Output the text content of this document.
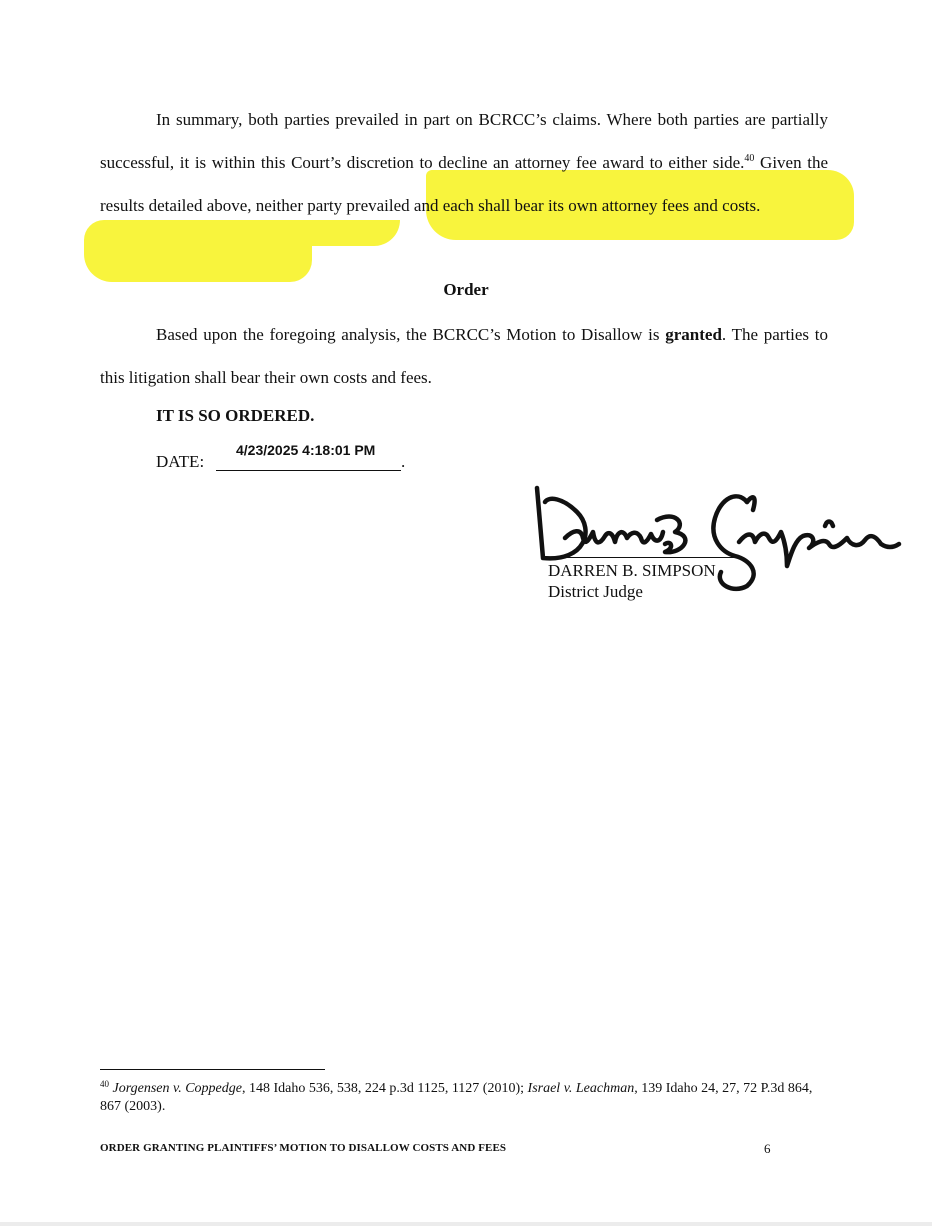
In summary, both parties prevailed in part on BCRCC’s claims. Where both parties are partially successful, it is within this Court’s discretion to decline an attorney fee award to either side.$^{40}$ Given the results detailed above, neither party prevailed and each shall bear its own attorney fees and costs.
Order
Based upon the foregoing analysis, the BCRCC’s Motion to Disallow is granted. The parties to this litigation shall bear their own costs and fees.
IT IS SO ORDERED.
DATE:	.
4/23/2025 4:18:01 PM
DARREN B. SIMPSON
District Judge
$^{40}$ Jorgensen v. Coppedge, 148 Idaho 536, 538, 224 p.3d 1125, 1127 (2010); Israel v. Leachman, 139 Idaho 24, 27, 72 P.3d 864, 867 (2003).
ORDER GRANTING PLAINTIFFS’ MOTION TO DISALLOW COSTS AND FEES	6
